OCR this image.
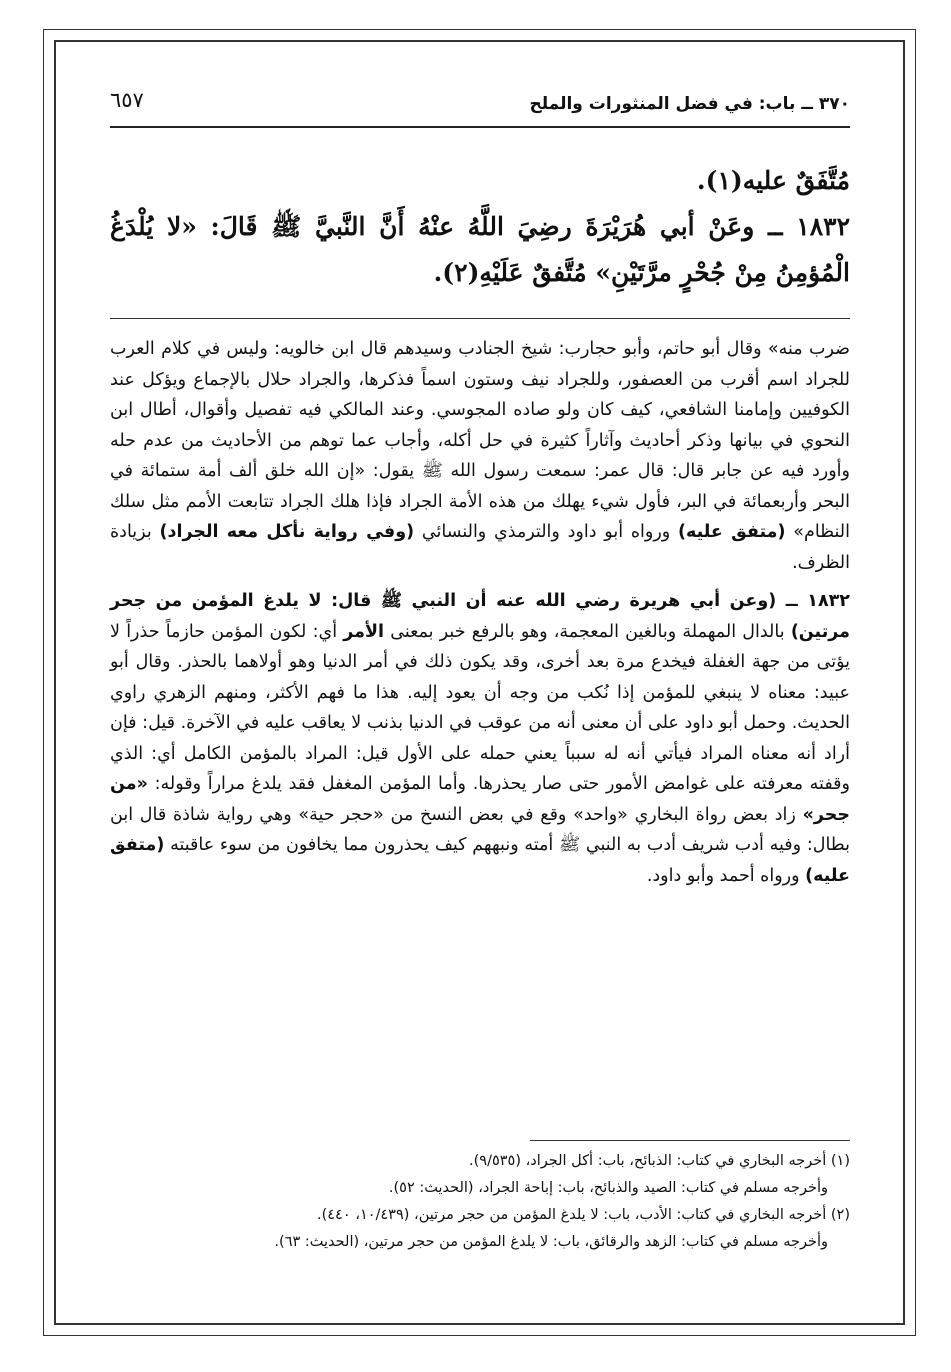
٣٧٠ ــ باب: في فضل المنثورات والملح
٦٥٧
مُتَّفَقٌ عليه(١).
١٨٣٢ ــ وعَنْ أبي هُرَيْرَةَ رضِيَ اللَّهُ عنْهُ أَنَّ النَّبيَّ ﷺ قَالَ: «لا يُلْدَغُ الْمُؤمِنُ مِنْ جُحْرٍ مرَّتَيْنِ» مُتَّفقٌ عَلَيْهِ(٢).

ضرب منه» وقال أبو حاتم، وأبو حجارب: شيخ الجنادب وسيدهم قال ابن خالويه: وليس في كلام العرب للجراد اسم أقرب من العصفور، وللجراد نيف وستون اسماً فذكرها، والجراد حلال بالإجماع ويؤكل عند الكوفيين وإمامنا الشافعي، كيف كان ولو صاده المجوسي. وعند المالكي فيه تفصيل وأقوال، أطال ابن النحوي في بيانها وذكر أحاديث وآثاراً كثيرة في حل أكله، وأجاب عما توهم من الأحاديث من عدم حله وأورد فيه عن جابر قال: قال عمر: سمعت رسول الله ﷺ يقول: «إن الله خلق ألف أمة ستمائة في البحر وأربعمائة في البر، فأول شيء يهلك من هذه الأمة الجراد فإذا هلك الجراد تتابعت الأمم مثل سلك النظام» (متفق عليه) ورواه أبو داود والترمذي والنسائي (وفي رواية نأكل معه الجراد) بزيادة الظرف.

١٨٣٢ ــ (وعن أبي هريرة رضي الله عنه أن النبي ﷺ قال: لا يلدغ المؤمن من جحر مرتين) بالدال المهملة وبالغين المعجمة، وهو بالرفع خبر بمعنى الأمر أي: لكون المؤمن حازماً حذراً لا يؤتى من جهة الغفلة فيخدع مرة بعد أخرى، وقد يكون ذلك في أمر الدنيا وهو أولاهما بالحذر. وقال أبو عبيد: معناه لا ينبغي للمؤمن إذا نُكب من وجه أن يعود إليه. هذا ما فهم الأكثر، ومنهم الزهري راوي الحديث. وحمل أبو داود على أن معنى أنه من عوقب في الدنيا بذنب لا يعاقب عليه في الآخرة. قيل: فإن أراد أنه معناه المراد فيأتي أنه له سبباً يعني حمله على الأول قيل: المراد بالمؤمن الكامل أي: الذي وقفته معرفته على غوامض الأمور حتى صار يحذرها. وأما المؤمن المغفل فقد يلدغ مراراً وقوله: «من جحر» زاد بعض رواة البخاري «واحد» وقع في بعض النسخ من «حجر حية» وهي رواية شاذة قال ابن بطال: وفيه أدب شريف أدب به النبي ﷺ أمته ونبههم كيف يحذرون مما يخافون من سوء عاقبته (متفق عليه) ورواه أحمد وأبو داود.

(١) أخرجه البخاري في كتاب: الذبائح، باب: أكل الجراد، (٩/٥٣٥).
وأخرجه مسلم في كتاب: الصيد والذبائح، باب: إباحة الجراد، (الحديث: ٥٢).
(٢) أخرجه البخاري في كتاب: الأدب، باب: لا يلدغ المؤمن من حجر مرتين، (١٠/٤٣٩، ٤٤٠).
وأخرجه مسلم في كتاب: الزهد والرقائق، باب: لا يلدغ المؤمن من حجر مرتين، (الحديث: ٦٣).
